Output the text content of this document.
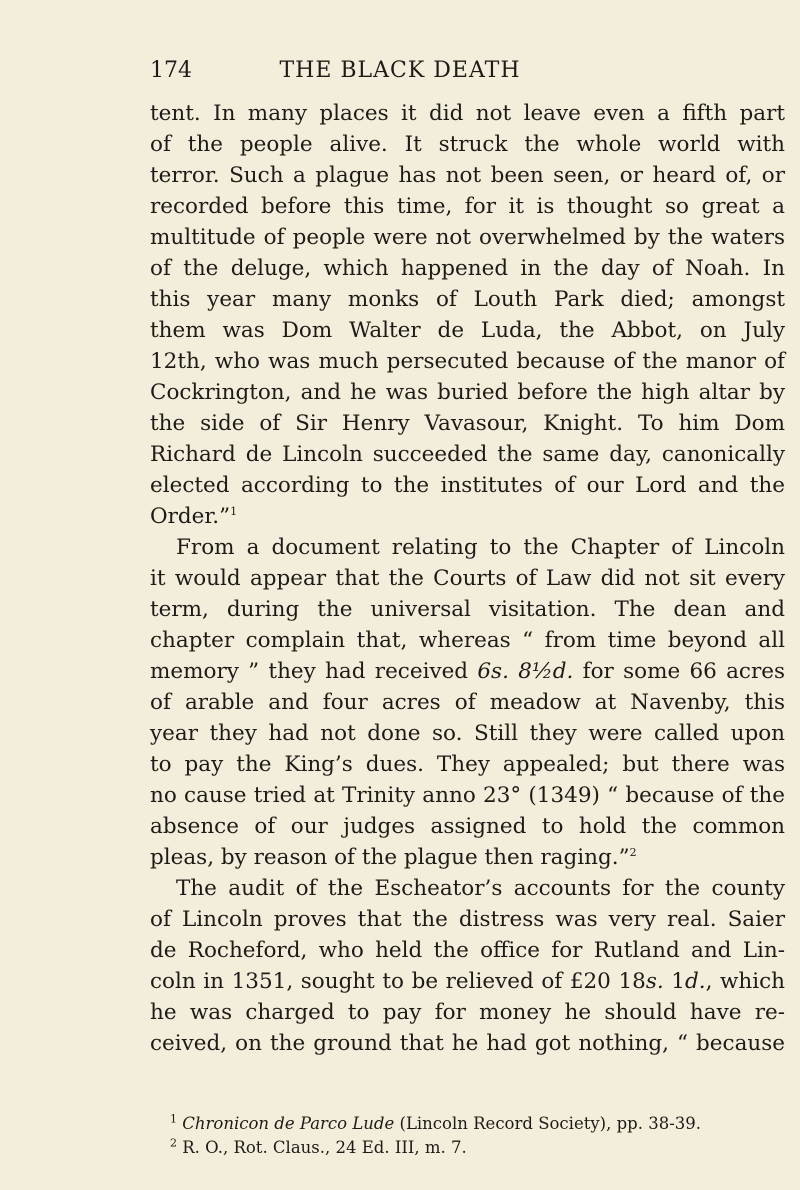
174	THE BLACK DEATH
tent. In many places it did not leave even a fifth part
of the people alive. It struck the whole world with
terror. Such a plague has not been seen, or heard of, or
recorded before this time, for it is thought so great a
multitude of people were not overwhelmed by the waters
of the deluge, which happened in the day of Noah. In
this year many monks of Louth Park died; amongst
them was Dom Walter de Luda, the Abbot, on July
12th, who was much persecuted because of the manor of
Cockrington, and he was buried before the high altar by
the side of Sir Henry Vavasour, Knight. To him Dom
Richard de Lincoln succeeded the same day, canonically
elected according to the institutes of our Lord and the
Order.”$^1$
From a document relating to the Chapter of Lincoln
it would appear that the Courts of Law did not sit every
term, during the universal visitation. The dean and
chapter complain that, whereas “ from time beyond all
memory ” they had received 6s. 8½d. for some 66 acres
of arable and four acres of meadow at Navenby, this
year they had not done so. Still they were called upon
to pay the King’s dues. They appealed; but there was
no cause tried at Trinity anno 23° (1349) “ because of the
absence of our judges assigned to hold the common
pleas, by reason of the plague then raging.”$^2$
The audit of the Escheator’s accounts for the county
of Lincoln proves that the distress was very real. Saier
de Rocheford, who held the office for Rutland and Lin-
coln in 1351, sought to be relieved of £20 18s. 1d., which
he was charged to pay for money he should have re-
ceived, on the ground that he had got nothing, “ because
$^1$ Chronicon de Parco Lude (Lincoln Record Society), pp. 38-39.
$^2$ R. O., Rot. Claus., 24 Ed. III, m. 7.
